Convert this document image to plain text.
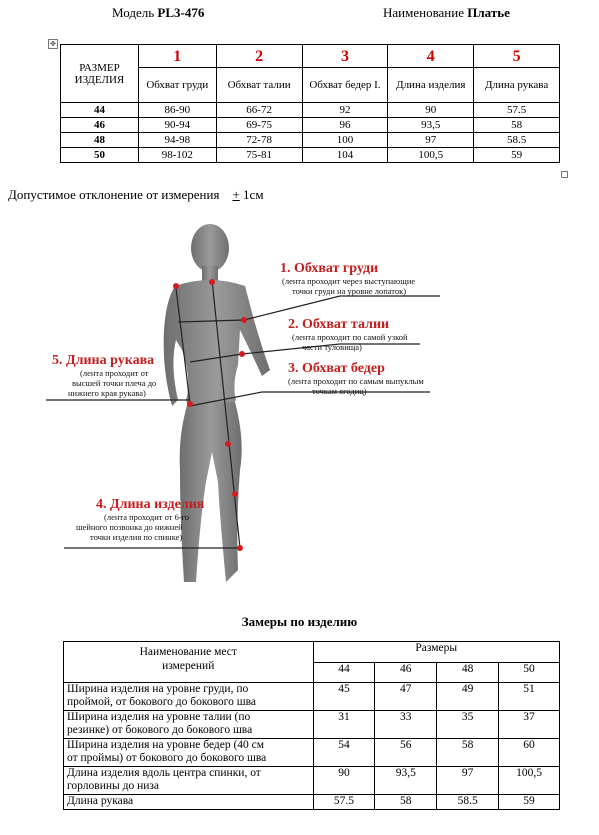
Модель PL3-476	Наименование Платье
✥
РАЗМЕР ИЗДЕЛИЯ	1	2	3	4	5
	Обхват груди	Обхват талии	Обхват бедер I.	Длина изделия	Длина рукава
44	86-90	66-72	92	90	57.5
46	90-94	69-75	96	93,5	58
48	94-98	72-78	100	97	58.5
50	98-102	75-81	104	100,5	59
Допустимое отклонение от измерения + 1см
1. Обхват груди
(лента проходит через выступающие
точки груди на уровне лопаток)
2. Обхват талии
(лента проходит по самой узкой
части туловища)
3. Обхват бедер
(лента проходит по самым выпуклым
точкам ягодиц)
5. Длина рукава
(лента проходит от
высшей точки плеча до
нижнего края рукава)
4. Длина изделия
(лента проходит от 6-го
шейного позвонка до нижней
точки изделия по спинке)
Замеры по изделию
Наименование мест измерений	Размеры			
	44	46	48	50
Ширина изделия на уровне груди, по
проймой, от бокового до бокового шва	45	47	49	51
Ширина изделия на уровне талии (по
резинке) от бокового до бокового шва	31	33	35	37
Ширина изделия на уровне бедер (40 см
от проймы) от бокового до бокового шва	54	56	58	60
Длина изделия вдоль центра спинки, от
горловины до низа	90	93,5	97	100,5
Длина рукава	57.5	58	58.5	59
